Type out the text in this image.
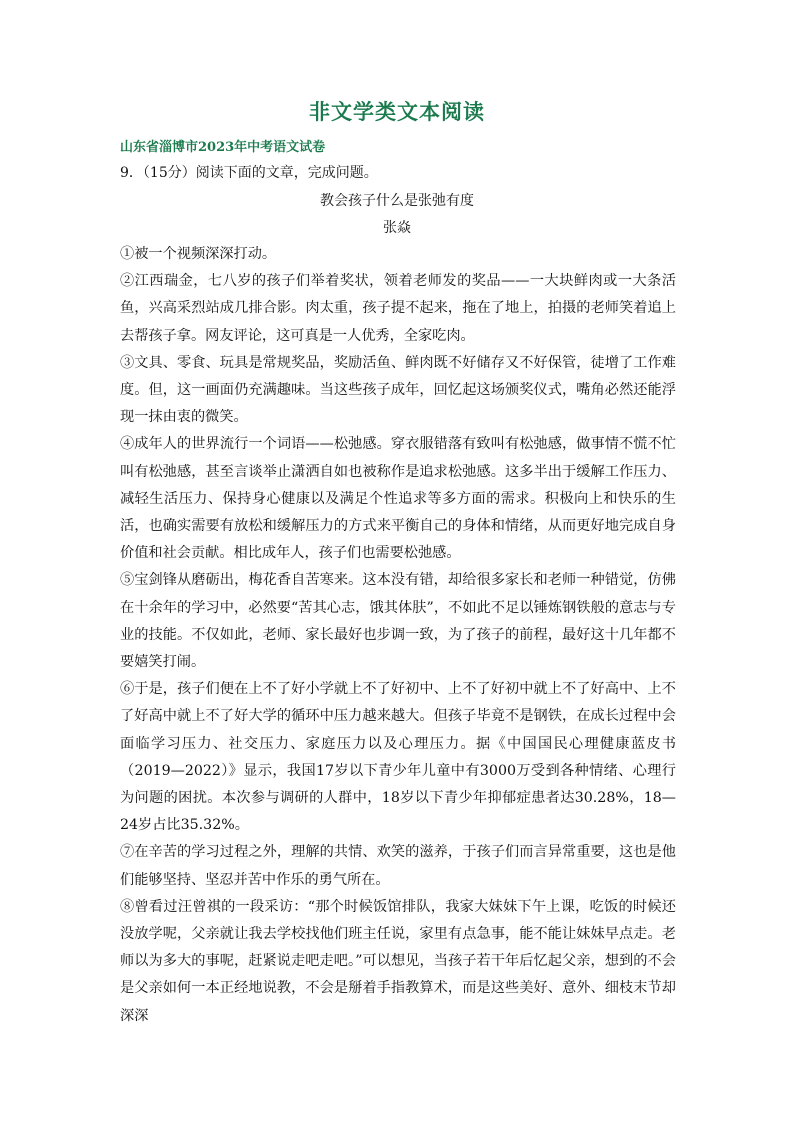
非文学类文本阅读
山东省淄博市2023年中考语文试卷
9．（15分）阅读下面的文章，完成问题。
教会孩子什么是张弛有度
张焱

①被一个视频深深打动。

②江西瑞金，七八岁的孩子们举着奖状，领着老师发的奖品——一大块鲜肉或一大条活鱼，兴高采烈站成几排合影。肉太重，孩子提不起来，拖在了地上，拍摄的老师笑着追上去帮孩子拿。网友评论，这可真是一人优秀，全家吃肉。

③文具、零食、玩具是常规奖品，奖励活鱼、鲜肉既不好储存又不好保管，徒增了工作难度。但，这一画面仍充满趣味。当这些孩子成年，回忆起这场颁奖仪式，嘴角必然还能浮现一抹由衷的微笑。

④成年人的世界流行一个词语——松弛感。穿衣服错落有致叫有松弛感，做事情不慌不忙叫有松弛感，甚至言谈举止潇洒自如也被称作是追求松弛感。这多半出于缓解工作压力、减轻生活压力、保持身心健康以及满足个性追求等多方面的需求。积极向上和快乐的生活，也确实需要有放松和缓解压力的方式来平衡自己的身体和情绪，从而更好地完成自身价值和社会贡献。相比成年人，孩子们也需要松弛感。

⑤宝剑锋从磨砺出，梅花香自苦寒来。这本没有错，却给很多家长和老师一种错觉，仿佛在十余年的学习中，必然要“苦其心志，饿其体肤”，不如此不足以锤炼钢铁般的意志与专业的技能。不仅如此，老师、家长最好也步调一致，为了孩子的前程，最好这十几年都不要嬉笑打闹。

⑥于是，孩子们便在上不了好小学就上不了好初中、上不了好初中就上不了好高中、上不了好高中就上不了好大学的循环中压力越来越大。但孩子毕竟不是钢铁，在成长过程中会面临学习压力、社交压力、家庭压力以及心理压力。据《中国国民心理健康蓝皮书（2019—2022）》显示，我国17岁以下青少年儿童中有3000万受到各种情绪、心理行为问题的困扰。本次参与调研的人群中，18岁以下青少年抑郁症患者达30.28%，18—24岁占比35.32%。

⑦在辛苦的学习过程之外，理解的共情、欢笑的滋养，于孩子们而言异常重要，这也是他们能够坚持、坚忍并苦中作乐的勇气所在。

⑧曾看过汪曾祺的一段采访：“那个时候饭馆排队，我家大妹妹下午上课，吃饭的时候还没放学呢，父亲就让我去学校找他们班主任说，家里有点急事，能不能让妹妹早点走。老师以为多大的事呢，赶紧说走吧走吧。”可以想见，当孩子若干年后忆起父亲，想到的不会是父亲如何一本正经地说教，不会是掰着手指教算术，而是这些美好、意外、细枝末节却深深
